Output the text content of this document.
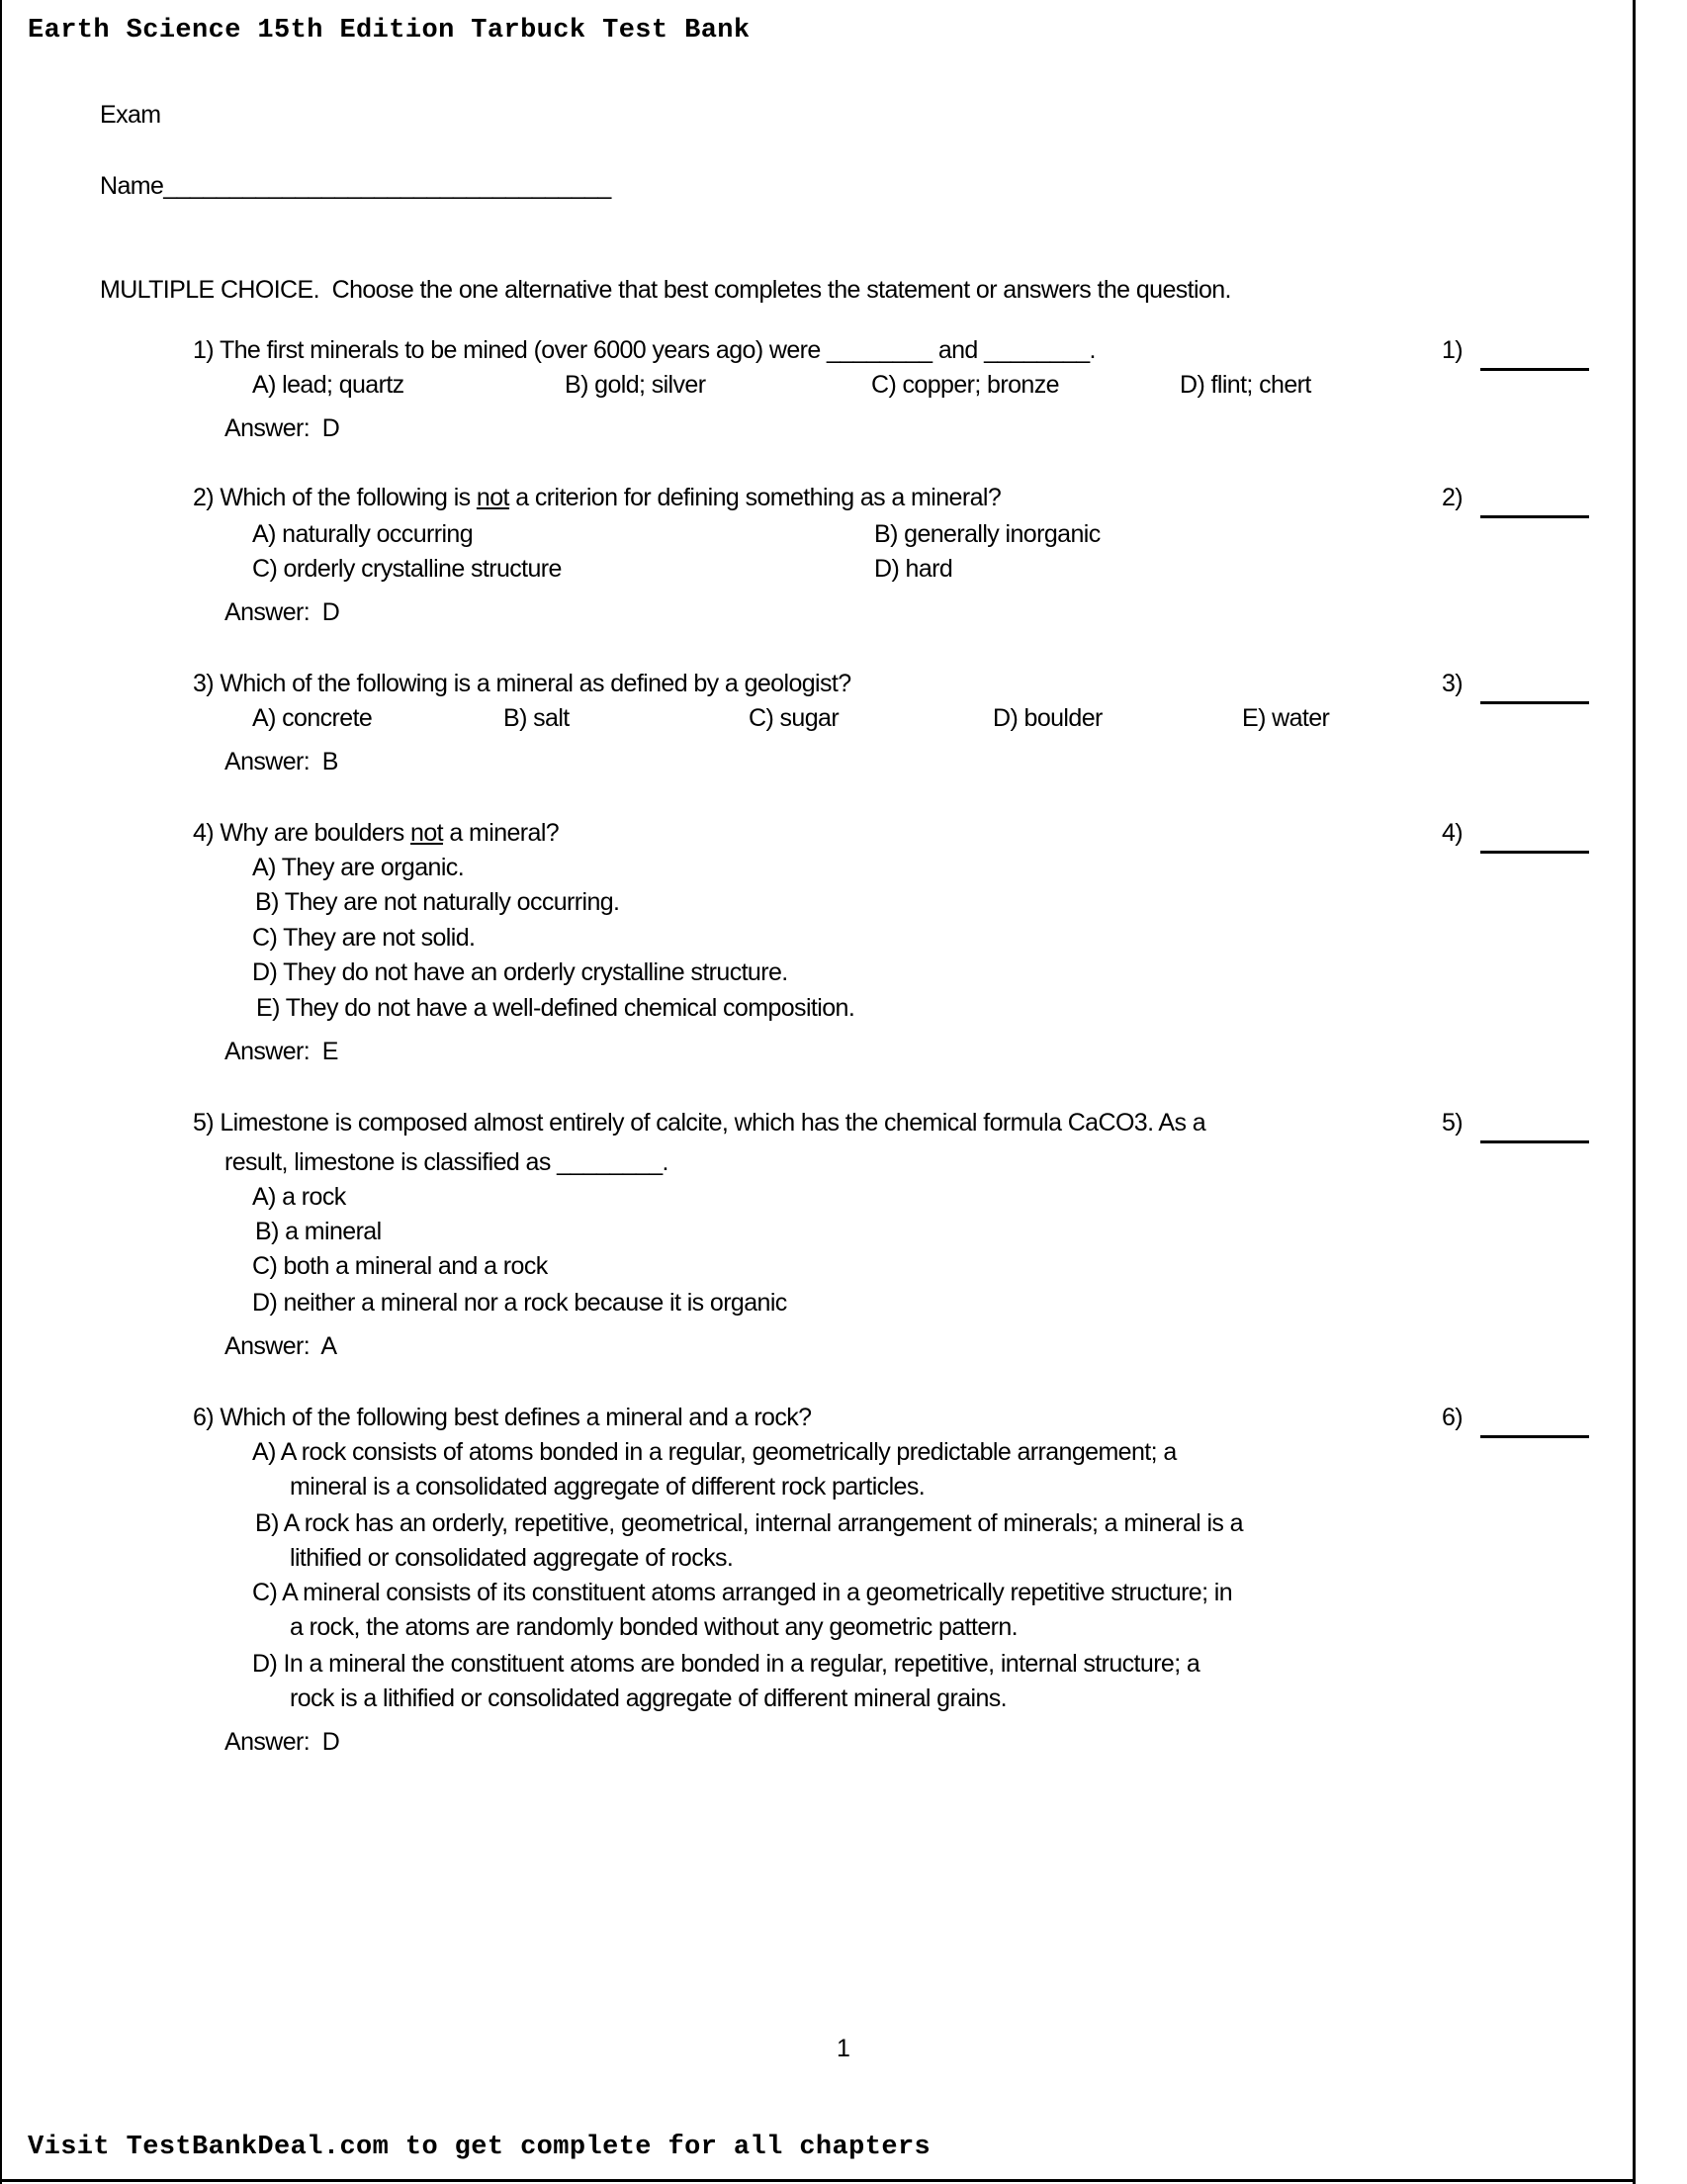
Earth Science 15th Edition Tarbuck Test Bank
Exam
Name__________________________________
MULTIPLE CHOICE.  Choose the one alternative that best completes the statement or answers the question.
1) The first minerals to be mined (over 6000 years ago) were ________ and ________.
A) lead; quartz	B) gold; silver	C) copper; bronze	D) flint; chert
Answer:  D
1)
2) Which of the following is not a criterion for defining something as a mineral?
A) naturally occurring	B) generally inorganic
C) orderly crystalline structure	D) hard
Answer:  D
2)
3) Which of the following is a mineral as defined by a geologist?
A) concrete	B) salt	C) sugar	D) boulder	E) water
Answer:  B
3)
4) Why are boulders not a mineral?
A) They are organic.
B) They are not naturally occurring.
C) They are not solid.
D) They do not have an orderly crystalline structure.
E) They do not have a well-defined chemical composition.
Answer:  E
4)
5) Limestone is composed almost entirely of calcite, which has the chemical formula CaCO3. As a
result, limestone is classified as ________.
A) a rock
B) a mineral
C) both a mineral and a rock
D) neither a mineral nor a rock because it is organic
Answer:  A
5)
6) Which of the following best defines a mineral and a rock?
A) A rock consists of atoms bonded in a regular, geometrically predictable arrangement; a
mineral is a consolidated aggregate of different rock particles.
B) A rock has an orderly, repetitive, geometrical, internal arrangement of minerals; a mineral is a
lithified or consolidated aggregate of rocks.
C) A mineral consists of its constituent atoms arranged in a geometrically repetitive structure; in
a rock, the atoms are randomly bonded without any geometric pattern.
D) In a mineral the constituent atoms are bonded in a regular, repetitive, internal structure; a
rock is a lithified or consolidated aggregate of different mineral grains.
Answer:  D
6)
1
Visit TestBankDeal.com to get complete for all chapters
